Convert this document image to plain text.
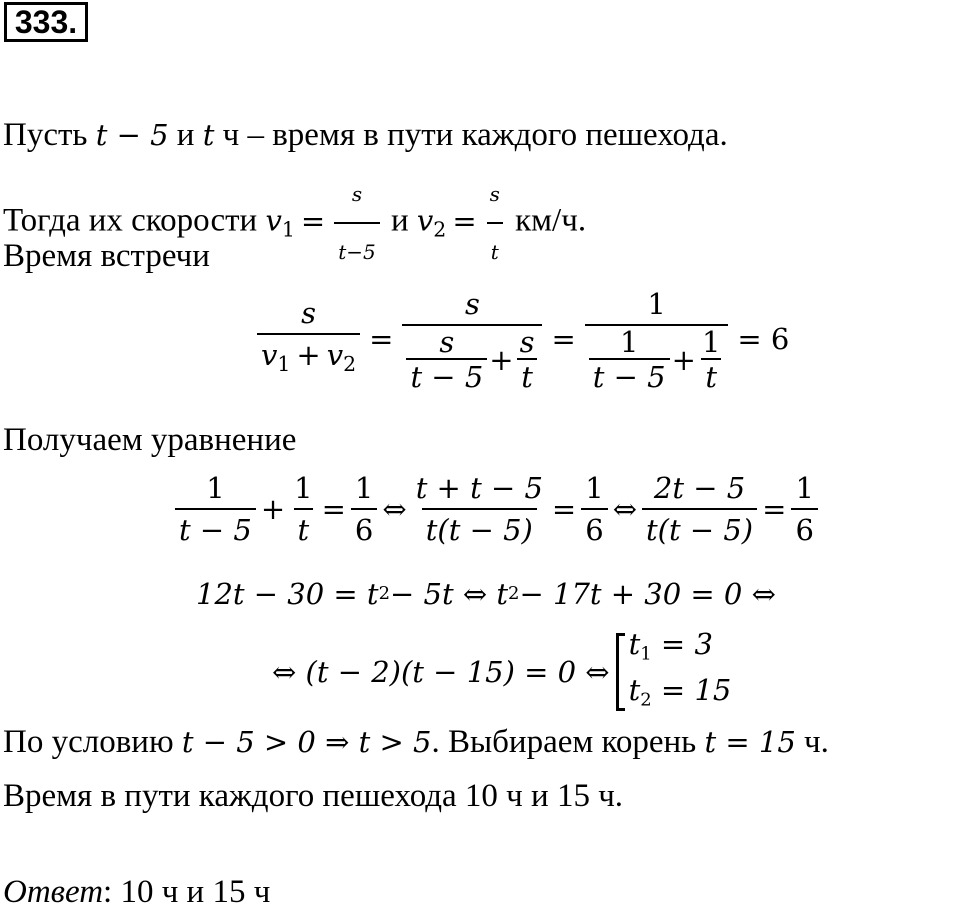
333.
Пусть t − 5 и t ч – время в пути каждого пешехода.
Тогда их скорости $v_1 = \frac{s}{t-5}$ и $v_2 = \frac{s}{t} км/ч$.
Время встречи
$\frac{s}{v_1 + v_2} = \frac{s}{\frac{s}{t - 5} + \frac{s}{t}} = \frac{1}{\frac{1}{t - 5} + \frac{1}{t}} = 6$
Получаем уравнение
$\frac{1}{t - 5} + \frac{1}{t} = \frac{1}{6}$ ⇔ $\frac{t + t - 5}{t(t - 5)} = \frac{1}{6}$ ⇔ $\frac{2t - 5}{t(t - 5)} = \frac{1}{6}$
12t − 30 = t 2 − 5t ⇔ t 2 − 17t + 30 = 0 ⇔
⇔ (t − 2)(t − 15) = 0 ⇔
$t_1 = 3$
$t_2 = 15$
По условию t − 5 > 0 ⇒ t > 5. Выбираем корень t = 15 ч.
Время в пути каждого пешехода 10 ч и 15 ч.
Ответ: 10 ч и 15 ч
